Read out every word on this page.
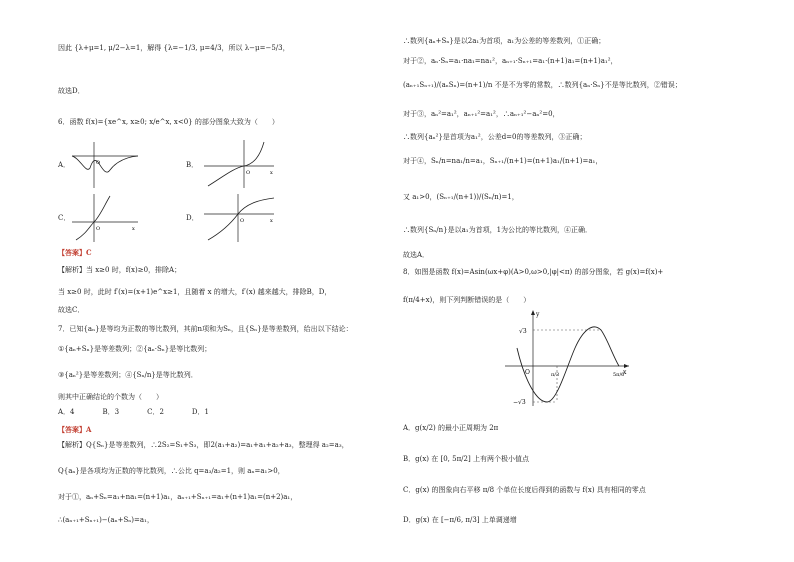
因此 {λ+μ=1, μ/2−λ=1，解得 {λ=−1/3, μ=4/3，所以 λ−μ=−5/3，
故选D．
6．函数 f(x)={xe^x, x≥0; x/e^x, x<0} 的部分图象大致为（　　）
A．	O	B．
O	x
C．
O	x
D．	O	x
【答案】C
【解析】当 x≥0 时，f(x)≥0，排除A；
当 x≥0 时，此时 f′(x)=(x+1)e^x≥1，且随着 x 的增大，f′(x) 越来越大，排除B，D，
故选C．
7．已知{aₙ}是等均为正数的等比数列，其前n项和为Sₙ，且{Sₙ}是等差数列，给出以下结论：
①{aₙ+Sₙ}是等差数列；②{aₙ·Sₙ}是等比数列；
③{aₙ²}是等差数列；④{Sₙ/n}是等比数列．
则其中正确结论的个数为（　　）
A．4　　　　B．3　　　　C．2　　　　D．1
【答案】A
【解析】Q{Sₙ}是等差数列，∴2S₂=S₁+S₃，即2(a₁+a₂)=a₁+a₁+a₂+a₃，整理得 a₂=a₃，
Q{aₙ}是各项均为正数的等比数列，∴公比 q=a₃/a₂=1，则 aₙ=a₁>0，
对于①，aₙ+Sₙ=a₁+na₁=(n+1)a₁，aₙ₊₁+Sₙ₊₁=a₁+(n+1)a₁=(n+2)a₁，
∴(aₙ₊₁+Sₙ₊₁)−(aₙ+Sₙ)=a₁，
∴数列{aₙ+Sₙ}是以2a₁为首项，a₁为公差的等差数列，①正确；
对于②，aₙ·Sₙ=a₁·na₁=na₁²，aₙ₊₁·Sₙ₊₁=a₁·(n+1)a₁=(n+1)a₁²，
(aₙ₊₁Sₙ₊₁)/(aₙSₙ)=(n+1)/n 不是不为零的常数，∴数列{aₙ·Sₙ}不是等比数列，②错误；
对于③，aₙ²=a₁²，aₙ₊₁²=a₁²，∴aₙ₊₁²−aₙ²=0，
∴数列{aₙ²}是首项为a₁²，公差d=0的等差数列，③正确；
对于④，Sₙ/n=na₁/n=a₁，Sₙ₊₁/(n+1)=(n+1)a₁/(n+1)=a₁，
又 a₁>0，(Sₙ₊₁/(n+1))/(Sₙ/n)=1，
∴数列{Sₙ/n}是以a₁为首项，1为公比的等比数列，④正确．
故选A．
8．如图是函数 f(x)=Asin(ωx+φ)(A>0,ω>0,|φ|<π) 的部分图象，若 g(x)=f(x)+
f(π/4+x)，则下列判断错误的是（　　）
y
x
O
√3
−√3
π/3	5π/6
A．g(x/2) 的最小正周期为 2π
B．g(x) 在 [0, 5π/2] 上有两个极小值点
C．g(x) 的图象向右平移 π/8 个单位长度后得到的函数与 f(x) 具有相同的零点
D．g(x) 在 [−π/6, π/3] 上单调递增
